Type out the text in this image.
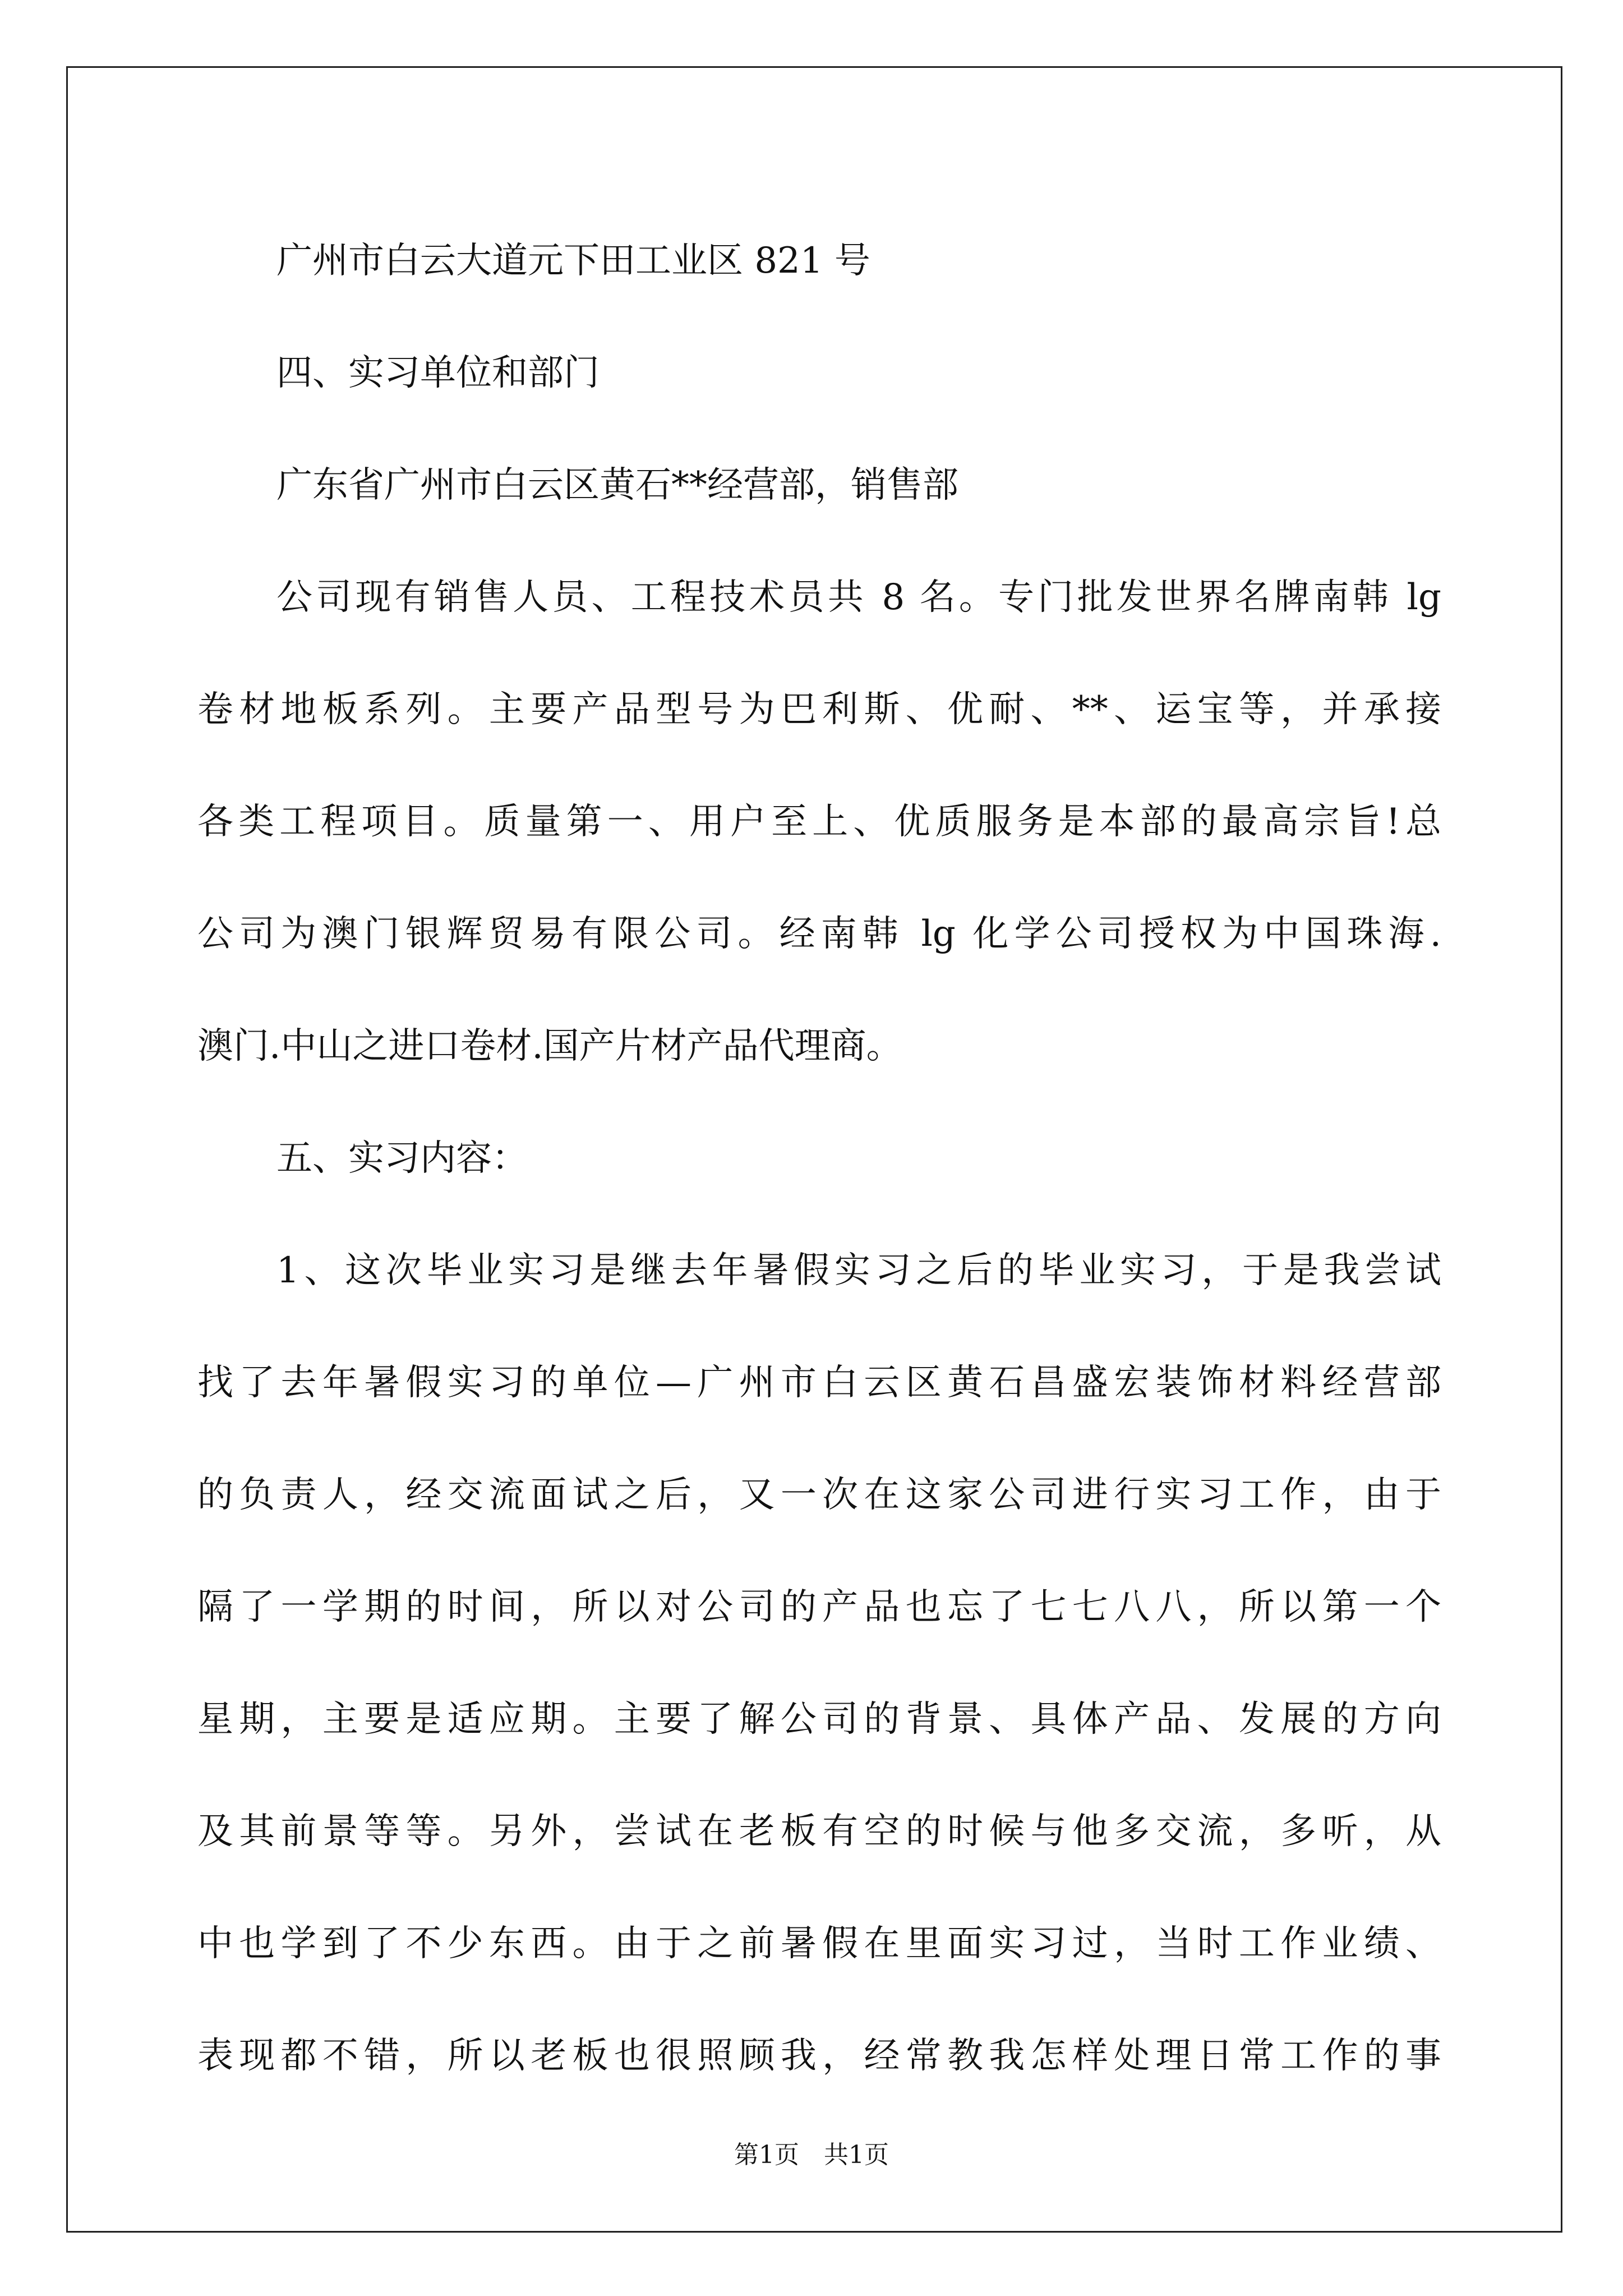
广州市白云大道元下田工业区 821 号
四、实习单位和部门
广东省广州市白云区黄石**经营部，销售部
公司现有销售人员、工程技术员共 8 名。专门批发世界名牌南韩 lg
卷材地板系列。主要产品型号为巴利斯、优耐、**、运宝等，并承接
各类工程项目。质量第一、用户至上、优质服务是本部的最高宗旨!总
公司为澳门银辉贸易有限公司。经南韩 lg 化学公司授权为中国珠海.
澳门.中山之进口卷材.国产片材产品代理商。
五、实习内容：
1、这次毕业实习是继去年暑假实习之后的毕业实习，于是我尝试
找了去年暑假实习的单位—广州市白云区黄石昌盛宏装饰材料经营部
的负责人，经交流面试之后，又一次在这家公司进行实习工作，由于
隔了一学期的时间，所以对公司的产品也忘了七七八八，所以第一个
星期，主要是适应期。主要了解公司的背景、具体产品、发展的方向
及其前景等等。另外，尝试在老板有空的时候与他多交流，多听，从
中也学到了不少东西。由于之前暑假在里面实习过，当时工作业绩、
表现都不错，所以老板也很照顾我，经常教我怎样处理日常工作的事
第1页 共1页
